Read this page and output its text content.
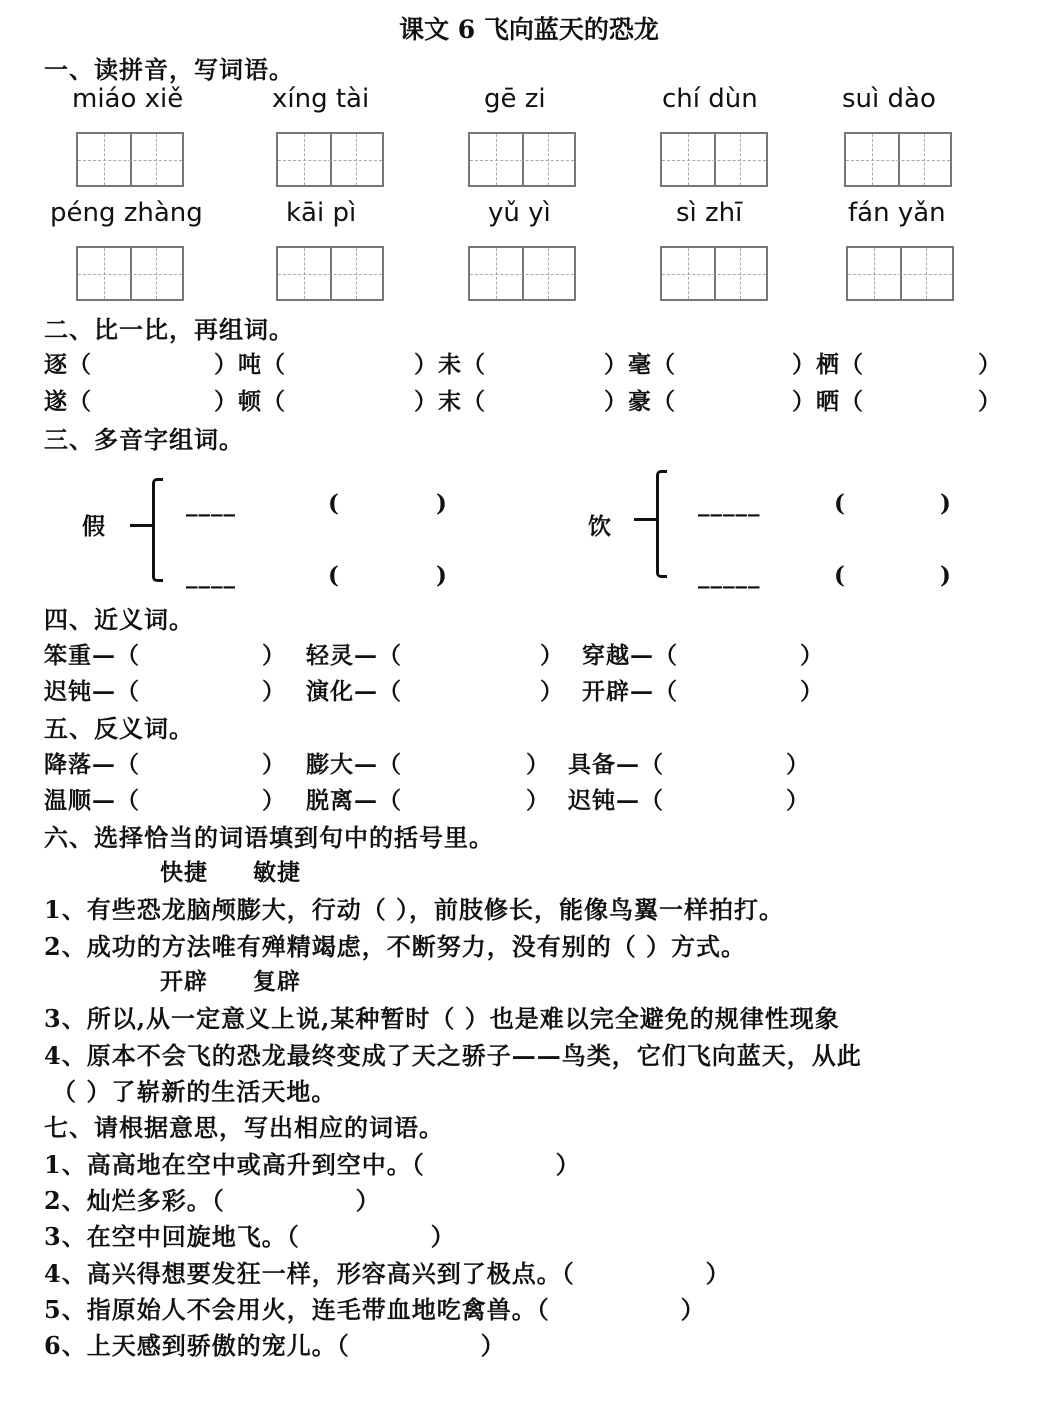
课文 6 飞向蓝天的恐龙
一、读拼音，写词语。
miáo xiě	xíng tài	gē zi	chí dùn	suì dào
péng zhàng	kāi pì	yǔ yì	sì zhī	fán yǎn
二、比一比，再组词。
逐（	）吨（	）未（	）毫（	）栖（	）
遂（	）顿（	）末（	）豪（	）晒（	）
三、多音字组词。
假
____	(	)
____	(	)
饮
_____	(	)
_____	(	)
四、近义词。
笨重—（	） 轻灵—（	） 穿越—（	）
迟钝—（	） 演化—（	） 开辟—（	）
五、反义词。
降落—（	） 膨大—（	） 具备—（	）
温顺—（	） 脱离—（	） 迟钝—（	）
六、选择恰当的词语填到句中的括号里。
快捷     敏捷
1、有些恐龙脑颅膨大，行动（ ），前肢修长，能像鸟翼一样拍打。
2、成功的方法唯有殚精竭虑，不断努力，没有别的（ ）方式。
开辟     复辟
3、所以,从一定意义上说,某种暂时（ ）也是难以完全避免的规律性现象
4、原本不会飞的恐龙最终变成了天之骄子——鸟类，它们飞向蓝天，从此
（ ）了崭新的生活天地。
七、请根据意思，写出相应的词语。
1、高高地在空中或高升到空中。（              ）
2、灿烂多彩。（              ）
3、在空中回旋地飞。（              ）
4、高兴得想要发狂一样，形容高兴到了极点。（              ）
5、指原始人不会用火，连毛带血地吃禽兽。（              ）
6、上天感到骄傲的宠儿。（              ）
